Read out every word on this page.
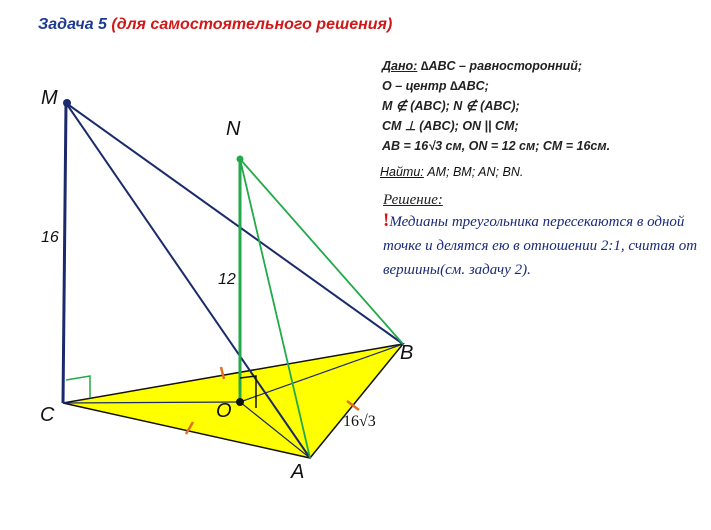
Задача 5 (для самостоятельного решения)
M
N
C	O
B
A
16
12
16√3
Дано: ∆ABC – равносторонний;
O – центр ∆ABC;
M ∉ (ABC); N ∉ (ABC);
CM ⊥ (ABC); ON || CM;
AB = 16√3 см, ON = 12 см; CM = 16см.
Найти: AM; BM; AN; BN.
Решение:
!Медианы треугольника пересекаются в одной точке и делятся ею в отношении 2:1, считая от вершины(см. задачу 2).
